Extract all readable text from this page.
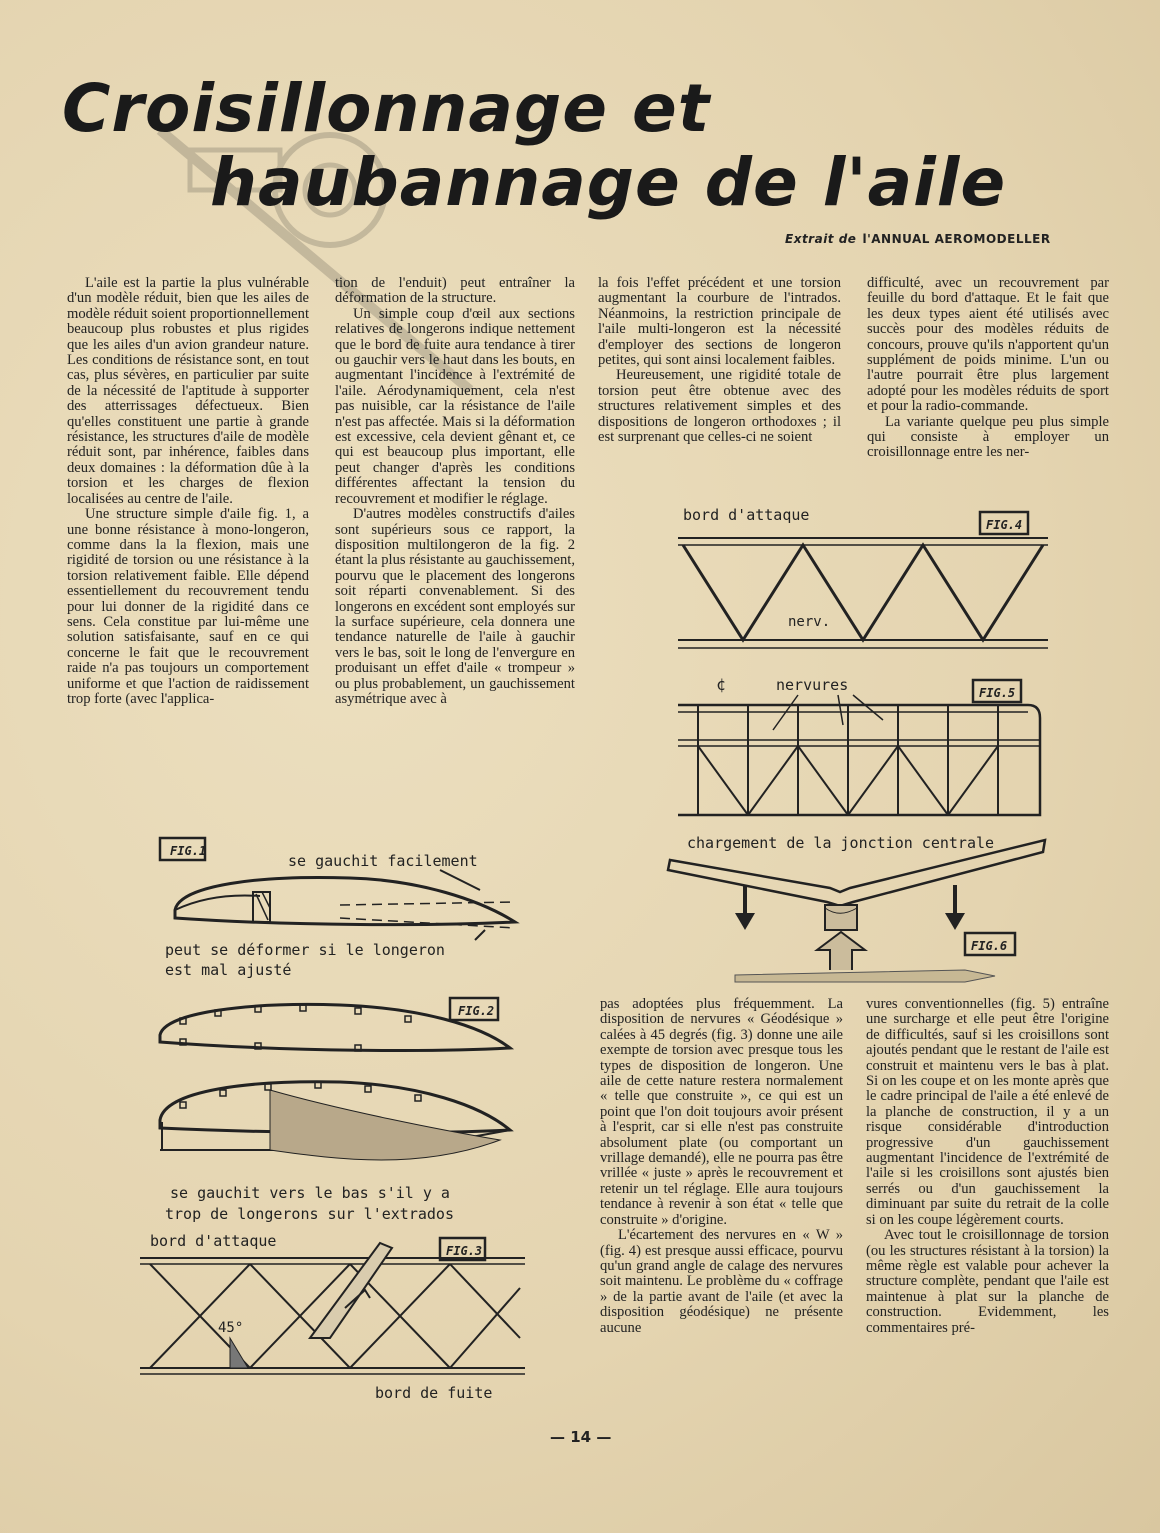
Croisillonnage et
haubannage de l'aile
Extrait de l'ANNUAL AEROMODELLER

L'aile est la partie la plus vulnérable d'un modèle réduit, bien que les ailes de modèle réduit soient proportionnellement beaucoup plus robustes et plus rigides que les ailes d'un avion grandeur nature. Les conditions de résistance sont, en tout cas, plus sévères, en particulier par suite de la nécessité de l'aptitude à supporter des atterrissages défectueux. Bien qu'elles constituent une partie à grande résistance, les structures d'aile de modèle réduit sont, par inhérence, faibles dans deux domaines : la déformation dûe à la torsion et les charges de flexion localisées au centre de l'aile.

Une structure simple d'aile fig. 1, a une bonne résistance à mono-longeron, comme dans la la flexion, mais une rigidité de torsion ou une résistance à la torsion relativement faible. Elle dépend essentiellement du recouvrement tendu pour lui donner de la rigidité dans ce sens. Cela constitue par lui-même une solution satisfaisante, sauf en ce qui concerne le fait que le recouvrement raide n'a pas toujours un comportement uniforme et que l'action de raidissement trop forte (avec l'applica-

tion de l'enduit) peut entraîner la déformation de la structure.

Un simple coup d'œil aux sections relatives de longerons indique nettement que le bord de fuite aura tendance à tirer ou gauchir vers le haut dans les bouts, en augmentant l'incidence à l'extrémité de l'aile. Aérodynamiquement, cela n'est pas nuisible, car la résistance de l'aile n'est pas affectée. Mais si la déformation est excessive, cela devient gênant et, ce qui est beaucoup plus important, elle peut changer d'après les conditions différentes affectant la tension du recouvrement et modifier le réglage.

D'autres modèles constructifs d'ailes sont supérieurs sous ce rapport, la disposition multilongeron de la fig. 2 étant la plus résistante au gauchissement, pourvu que le placement des longerons soit réparti convenablement. Si des longerons en excédent sont employés sur la surface supérieure, cela donnera une tendance naturelle de l'aile à gauchir vers le bas, soit le long de l'envergure en produisant un effet d'aile « trompeur » ou plus probablement, un gauchissement asymétrique avec à

la fois l'effet précédent et une torsion augmentant la courbure de l'intrados. Néanmoins, la restriction principale de l'aile multi-longeron est la nécessité d'employer des sections de longeron petites, qui sont ainsi localement faibles.

Heureusement, une rigidité totale de torsion peut être obtenue avec des structures relativement simples et des dispositions de longeron orthodoxes ; il est surprenant que celles-ci ne soient

difficulté, avec un recouvrement par feuille du bord d'attaque. Et le fait que les deux types aient été utilisés avec succès pour des modèles réduits de concours, prouve qu'ils n'apportent qu'un supplément de poids minime. L'un ou l'autre pourrait être plus largement adopté pour les modèles réduits de sport et pour la radio-commande.

La variante quelque peu plus simple qui consiste à employer un croisillonnage entre les ner-

pas adoptées plus fréquemment. La disposition de nervures « Géodésique » calées à 45 degrés (fig. 3) donne une aile exempte de torsion avec presque tous les types de disposition de longeron. Une aile de cette nature restera normalement « telle que construite », ce qui est un point que l'on doit toujours avoir présent à l'esprit, car si elle n'est pas construite absolument plate (ou comportant un vrillage demandé), elle ne pourra pas être vrillée « juste » après le recouvrement et retenir un tel réglage. Elle aura toujours tendance à revenir à son état « telle que construite » d'origine.

L'écartement des nervures en « W » (fig. 4) est presque aussi efficace, pourvu qu'un grand angle de calage des nervures soit maintenu. Le problème du « coffrage » de la partie avant de l'aile (et avec la disposition géodésique) ne présente aucune

vures conventionnelles (fig. 5) entraîne une surcharge et elle peut être l'origine de difficultés, sauf si les croisillons sont ajoutés pendant que le restant de l'aile est construit et maintenu vers le bas à plat. Si on les coupe et on les monte après que le cadre principal de l'aile a été enlevé de la planche de construction, il y a un risque considérable d'introduction progressive d'un gauchissement augmentant l'incidence de l'extrémité de l'aile si les croisillons sont ajustés bien serrés ou d'un gauchissement la diminuant par suite du retrait de la colle si on les coupe légèrement courts.

Avec tout le croisillonnage de torsion (ou les structures résistant à la torsion) la même règle est valable pour achever la structure complète, pendant que l'aile est maintenue à plat sur la planche de construction. Evidemment, les commentaires pré-

FIG.1
se gauchit facilement
peut se déformer si le longeron
est mal ajusté
FIG.2
se gauchit vers le bas s'il y a
trop de longerons sur l'extrados
bord d'attaque
FIG.3
45°
bord de fuite
bord d'attaque
FIG.4
nerv.
¢	nervures	FIG.5
chargement de la jonction centrale
FIG.6
— 14 —
